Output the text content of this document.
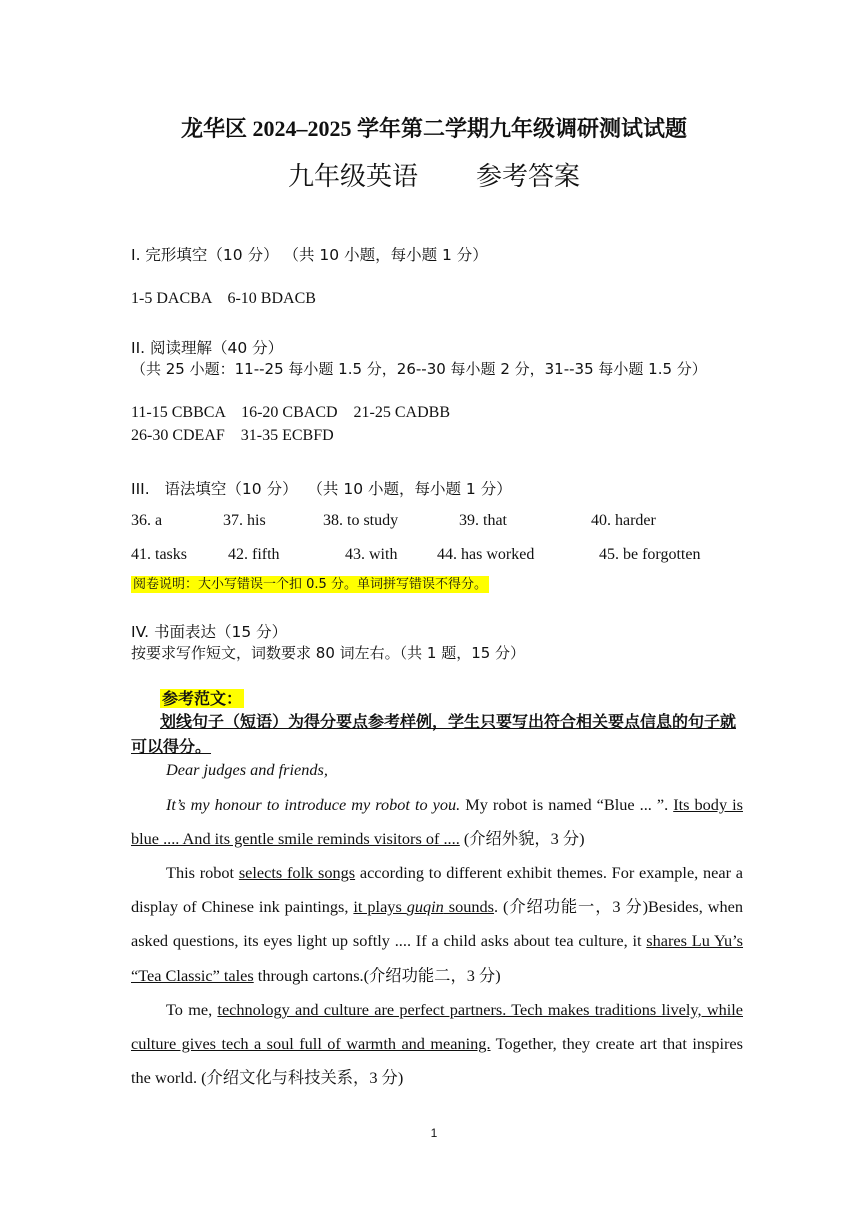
龙华区 2024–2025 学年第二学期九年级调研测试试题
九年级英语 参考答案
I. 完形填空（10 分） （共 10 小题，每小题 1 分）
1-5 DACBA    6-10 BDACB
II. 阅读理解（40 分）
（共 25 小题：11--25 每小题 1.5 分，26--30 每小题 2 分，31--35 每小题 1.5 分）
11-15 CBBCA    16-20 CBACD    21-25 CADBB
26-30 CDEAF    31-35 ECBFD
III.   语法填空（10 分）  （共 10 小题，每小题 1 分）
36. a	37. his	38. to study	39. that	40. harder
41. tasks	42. fifth	43. with 44. has worked	45. be forgotten
阅卷说明：大小写错误一个扣 0.5 分。单词拼写错误不得分。
IV. 书面表达（15 分）
按要求写作短文，词数要求 80 词左右。（共 1 题，15 分）
参考范文：
划线句子（短语）为得分要点参考样例，学生只要写出符合相关要点信息的句子就可以得分。
Dear judges and friends,
It’s my honour to introduce my robot to you. My robot is named “Blue ... ”. Its body is blue .... And its gentle smile reminds visitors of .... (介绍外貌，3 分)
This robot selects folk songs according to different exhibit themes. For example, near a display of Chinese ink paintings, it plays guqin sounds. (介绍功能一，3 分)Besides, when asked questions, its eyes light up softly .... If a child asks about tea culture, it shares Lu Yu’s “Tea Classic” tales through cartons.(介绍功能二，3 分)
To me, technology and culture are perfect partners. Tech makes traditions lively, while culture gives tech a soul full of warmth and meaning. Together, they create art that inspires the world. (介绍文化与科技关系，3 分)
1
